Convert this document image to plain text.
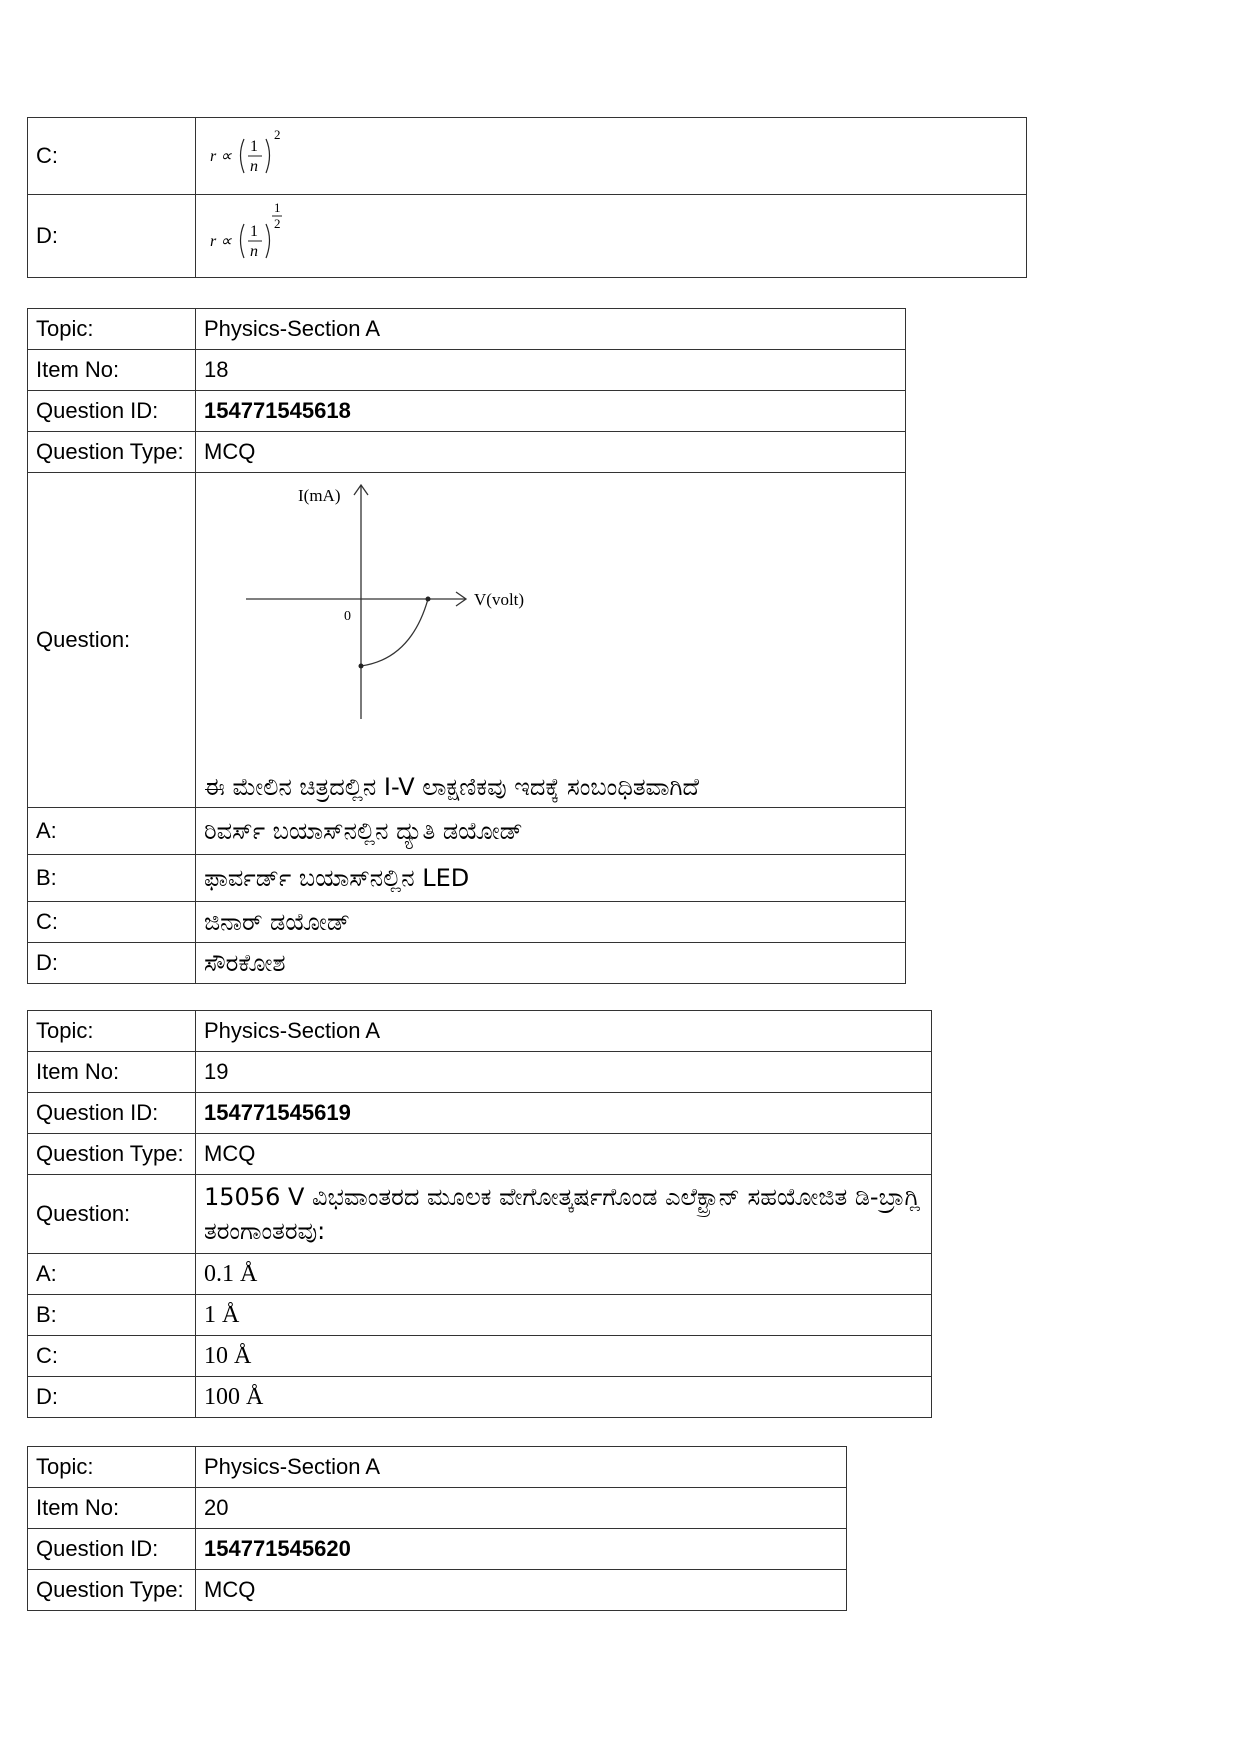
C:	r ∝
1
n
2

D:	r ∝
1
n
1
2
Topic:	Physics-Section A
Item No:	18
Question ID:	154771545618
Question Type:	MCQ
Question:	I(mA)
V(volt)
0
ಈ ಮೇಲಿನ ಚಿತ್ರದಲ್ಲಿನ I-V ಲಾಕ್ಷಣಿಕವು ಇದಕ್ಕೆ ಸಂಬಂಧಿತವಾಗಿದೆ

A:	ರಿವರ್ಸ್ ಬಯಾಸ್‌ನಲ್ಲಿನ ದ್ಯುತಿ ಡಯೋಡ್
B:	ಫಾರ್ವರ್ಡ್ ಬಯಾಸ್‌ನಲ್ಲಿನ LED
C:	ಜಿನಾರ್ ಡಯೋಡ್
D:	ಸೌರಕೋಶ
Topic:	Physics-Section A
Item No:	19
Question ID:	154771545619
Question Type:	MCQ
Question:	15056 V ವಿಭವಾಂತರದ ಮೂಲಕ ವೇಗೋತ್ಕರ್ಷಗೊಂಡ ಎಲೆಕ್ಟ್ರಾನ್ ಸಹಯೋಜಿತ ಡಿ-ಬ್ರಾಗ್ಲಿ ತರಂಗಾಂತರವು:
A:	0.1 Å
B:	1 Å
C:	10 Å
D:	100 Å
Topic:	Physics-Section A
Item No:	20
Question ID:	154771545620
Question Type:	MCQ
